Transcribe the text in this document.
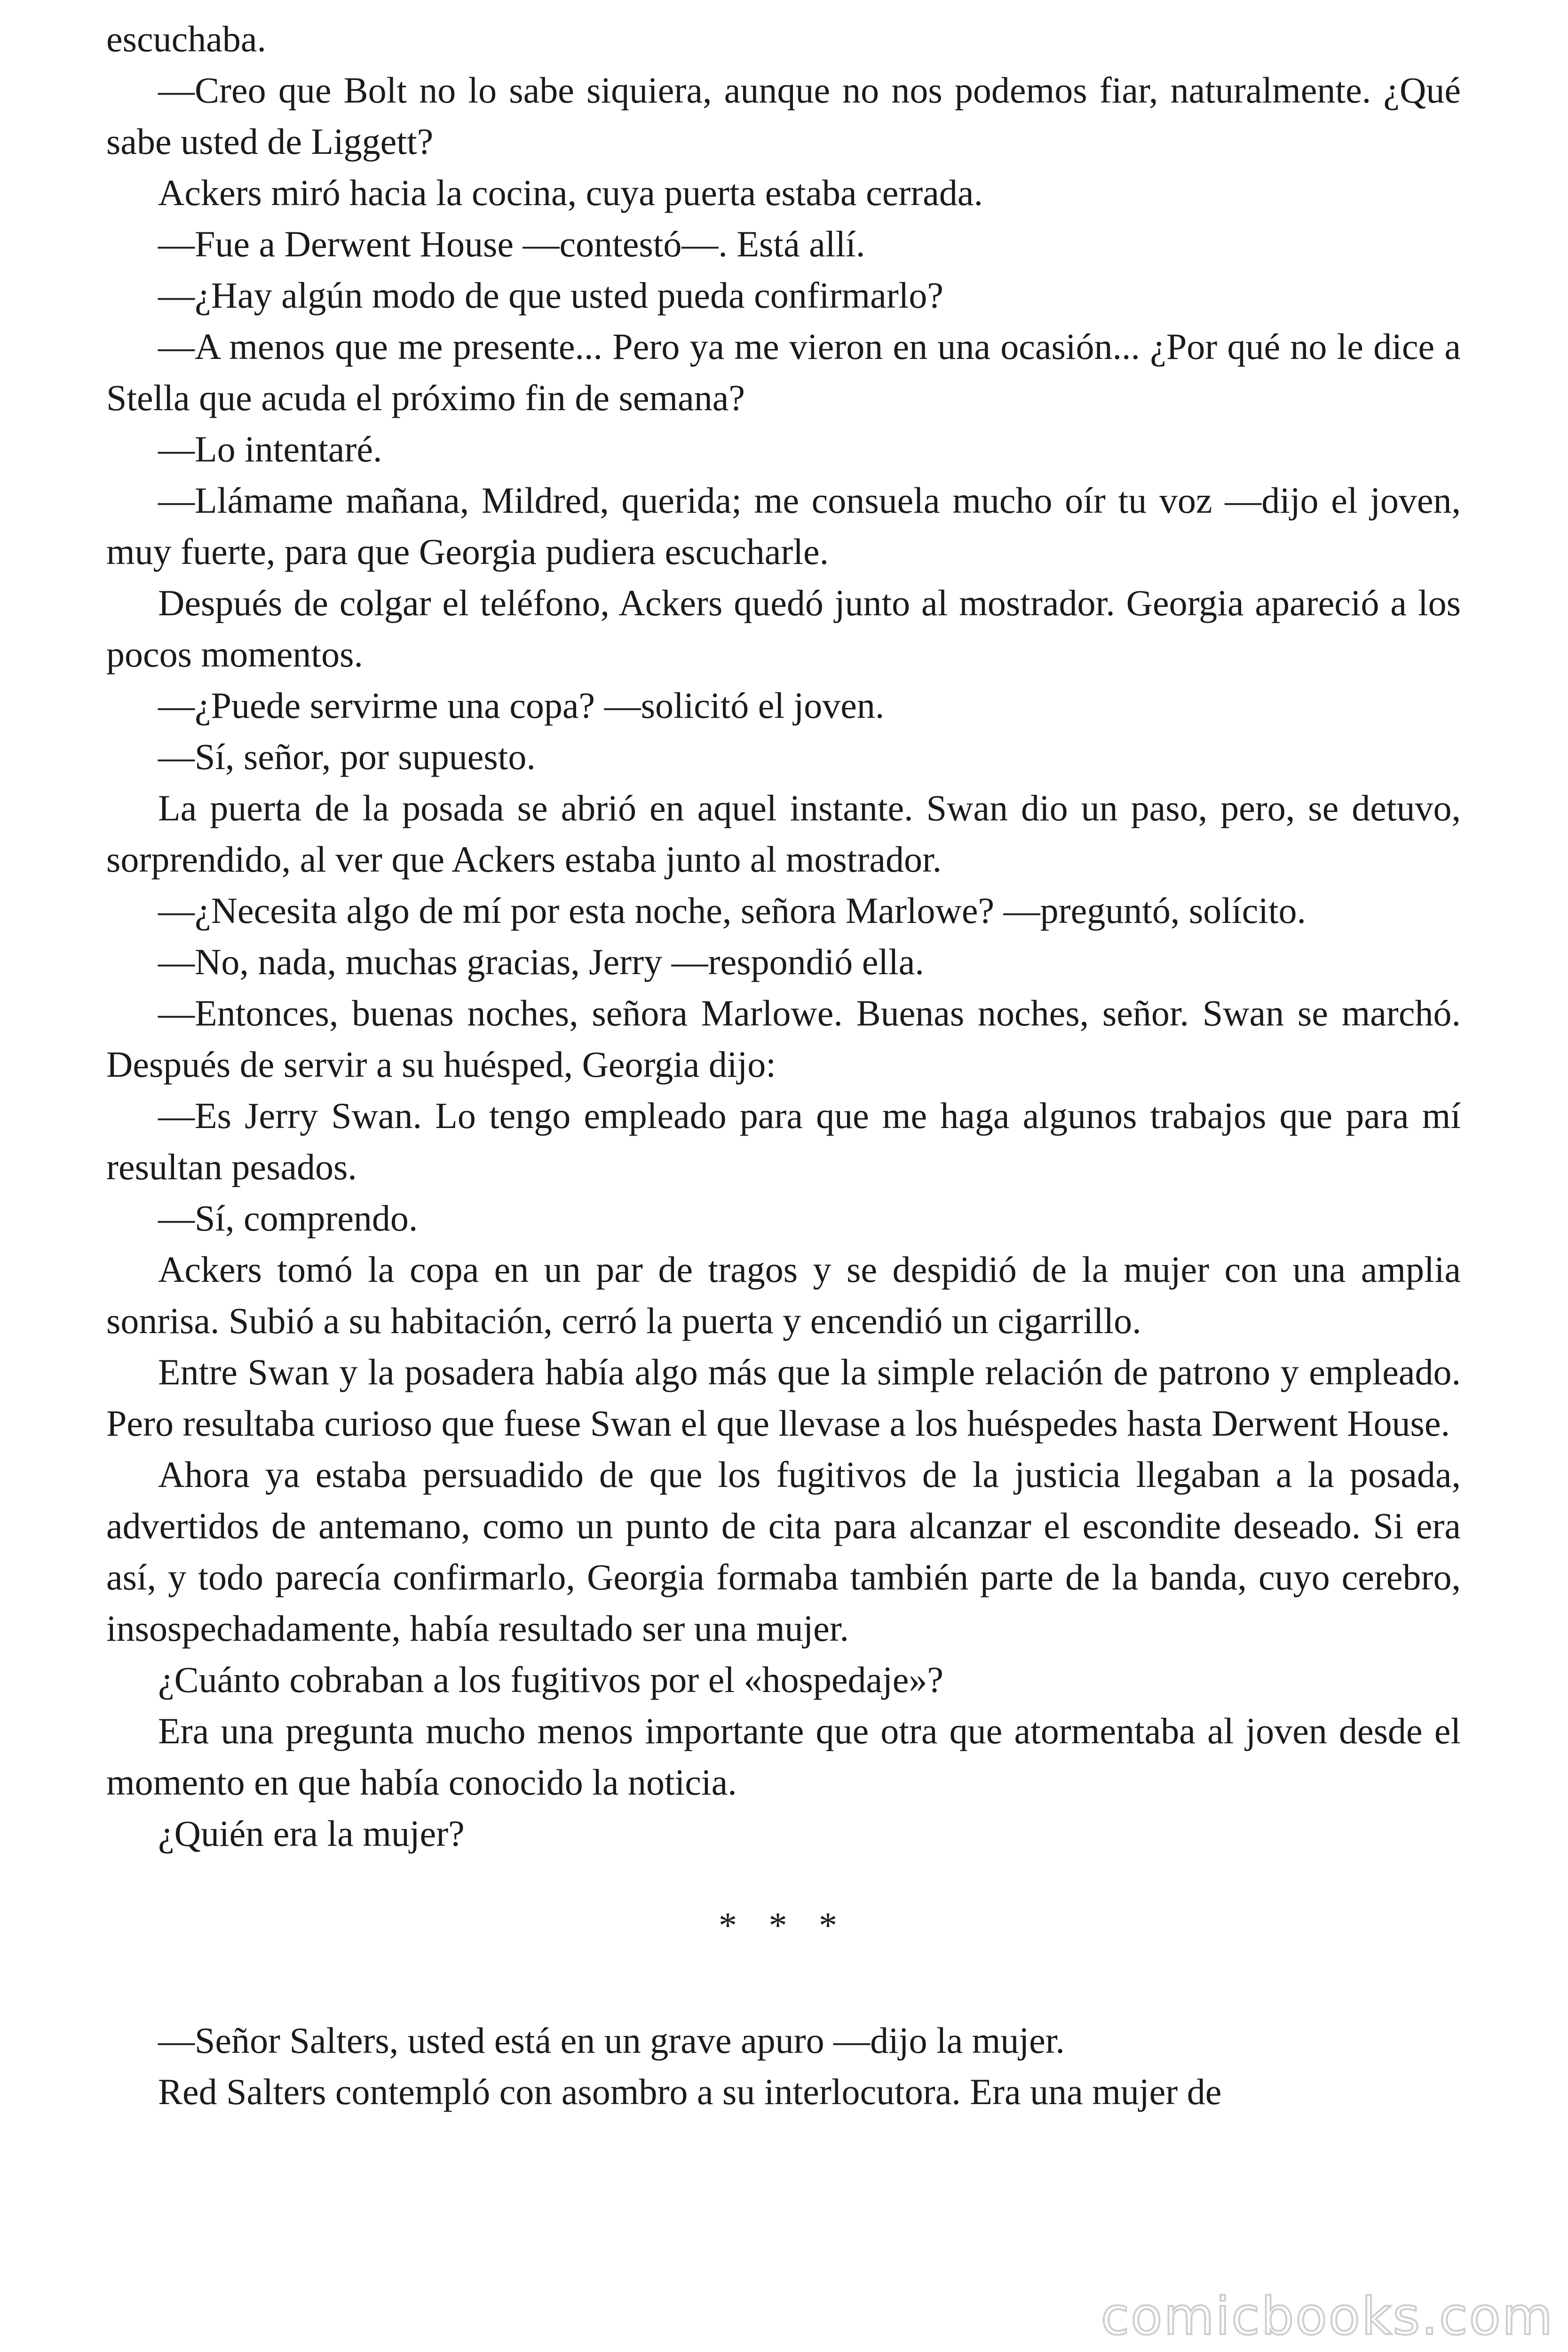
escuchaba.

—Creo que Bolt no lo sabe siquiera, aunque no nos podemos fiar, naturalmente. ¿Qué sabe usted de Liggett?

Ackers miró hacia la cocina, cuya puerta estaba cerrada.

—Fue a Derwent House —contestó—. Está allí.

—¿Hay algún modo de que usted pueda confirmarlo?

—A menos que me presente... Pero ya me vieron en una ocasión... ¿Por qué no le dice a Stella que acuda el próximo fin de semana?

—Lo intentaré.

—Llámame mañana, Mildred, querida; me consuela mucho oír tu voz —dijo el joven, muy fuerte, para que Georgia pudiera escucharle.

Después de colgar el teléfono, Ackers quedó junto al mostrador. Georgia apareció a los pocos momentos.

—¿Puede servirme una copa? —solicitó el joven.

—Sí, señor, por supuesto.

La puerta de la posada se abrió en aquel instante. Swan dio un paso, pero, se detuvo, sorprendido, al ver que Ackers estaba junto al mostrador.

—¿Necesita algo de mí por esta noche, señora Marlowe? —preguntó, solícito.

—No, nada, muchas gracias, Jerry —respondió ella.

—Entonces, buenas noches, señora Marlowe. Buenas noches, señor. Swan se marchó. Después de servir a su huésped, Georgia dijo:

—Es Jerry Swan. Lo tengo empleado para que me haga algunos trabajos que para mí resultan pesados.

—Sí, comprendo.

Ackers tomó la copa en un par de tragos y se despidió de la mujer con una amplia sonrisa. Subió a su habitación, cerró la puerta y encendió un cigarrillo.

Entre Swan y la posadera había algo más que la simple relación de patrono y empleado. Pero resultaba curioso que fuese Swan el que llevase a los huéspedes hasta Derwent House.

Ahora ya estaba persuadido de que los fugitivos de la justicia llegaban a la posada, advertidos de antemano, como un punto de cita para alcanzar el escondite deseado. Si era así, y todo parecía confirmarlo, Georgia formaba también parte de la banda, cuyo cerebro, insospechadamente, había resultado ser una mujer.

¿Cuánto cobraban a los fugitivos por el «hospedaje»?

Era una pregunta mucho menos importante que otra que atormentaba al joven desde el momento en que había conocido la noticia.

¿Quién era la mujer?

* * *

—Señor Salters, usted está en un grave apuro —dijo la mujer.

Red Salters contempló con asombro a su interlocutora. Era una mujer de

comicbooks.com
